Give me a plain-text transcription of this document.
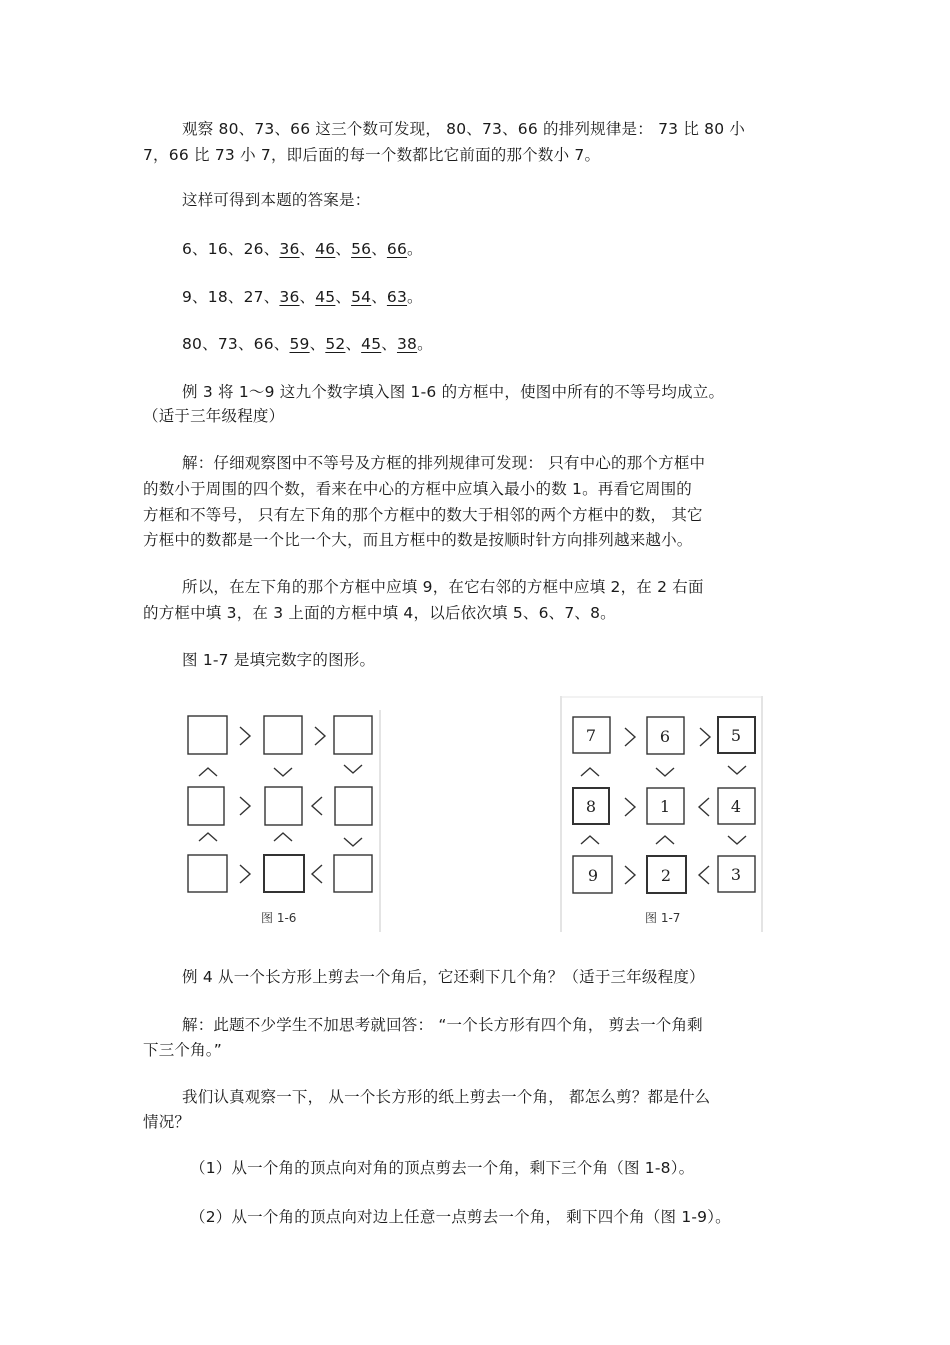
观察 80、73、66 这三个数可发现， 80、73、66 的排列规律是： 73 比 80 小
7，66 比 73 小 7，即后面的每一个数都比它前面的那个数小 7。
这样可得到本题的答案是：
6、16、26、36、46、56、66。
9、18、27、36、45、54、63。
80、73、66、59、52、45、38。
例 3 将 1～9 这九个数字填入图 1-6 的方框中，使图中所有的不等号均成立。
（适于三年级程度）
解：仔细观察图中不等号及方框的排列规律可发现： 只有中心的那个方框中
的数小于周围的四个数，看来在中心的方框中应填入最小的数 1。再看它周围的
方框和不等号， 只有左下角的那个方框中的数大于相邻的两个方框中的数， 其它
方框中的数都是一个比一个大，而且方框中的数是按顺时针方向排列越来越小。
所以，在左下角的那个方框中应填 9，在它右邻的方框中应填 2，在 2 右面
的方框中填 3，在 3 上面的方框中填 4，以后依次填 5、6、7、8。
图 1-7 是填完数字的图形。
图 1-6
7	6	5
8	1	4
9	2	3
图 1-7
例 4 从一个长方形上剪去一个角后，它还剩下几个角？（适于三年级程度）
解：此题不少学生不加思考就回答： “一个长方形有四个角， 剪去一个角剩
下三个角。”
我们认真观察一下， 从一个长方形的纸上剪去一个角， 都怎么剪？都是什么
情况？
（1）从一个角的顶点向对角的顶点剪去一个角，剩下三个角（图 1-8）。
（2）从一个角的顶点向对边上任意一点剪去一个角， 剩下四个角（图 1-9）。
